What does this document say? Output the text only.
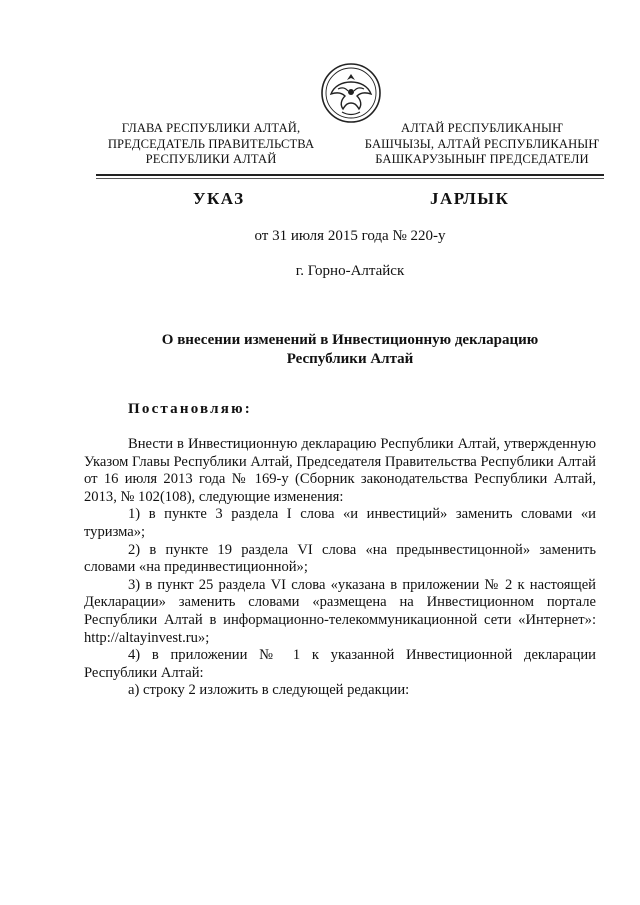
ГЛАВА РЕСПУБЛИКИ АЛТАЙ,
ПРЕДСЕДАТЕЛЬ ПРАВИТЕЛЬСТВА
РЕСПУБЛИКИ АЛТАЙ
АЛТАЙ РЕСПУБЛИКАНЫҤ
БАШЧЫЗЫ, АЛТАЙ РЕСПУБЛИКАНЫҤ
БАШКАРУЗЫНЫҤ ПРЕДСЕДАТЕЛИ
УКАЗ	JАРЛЫК
от 31 июля 2015 года № 220-у
г. Горно-Алтайск
О внесении изменений в Инвестиционную декларацию
Республики Алтай
Постановляю:

Внести в Инвестиционную декларацию Республики Алтай, утвержденную Указом Главы Республики Алтай, Председателя Правительства Республики Алтай от 16 июля 2013 года № 169-у (Сборник законодательства Республики Алтай, 2013, № 102(108), следующие изменения:

1) в пункте 3 раздела I слова «и инвестиций» заменить словами «и туризма»;

2) в пункте 19 раздела VI слова «на предынвестицонной» заменить словами «на прединвестиционной»;

3) в пункт 25 раздела VI слова «указана в приложении № 2 к настоящей Декларации» заменить словами «размещена на Инвестиционном портале Республики Алтай в информационно-телекоммуникационной сети «Интернет»: http://altayinvest.ru»;

4) в приложении № 1 к указанной Инвестиционной декларации Республики Алтай:

а) строку 2 изложить в следующей редакции:
